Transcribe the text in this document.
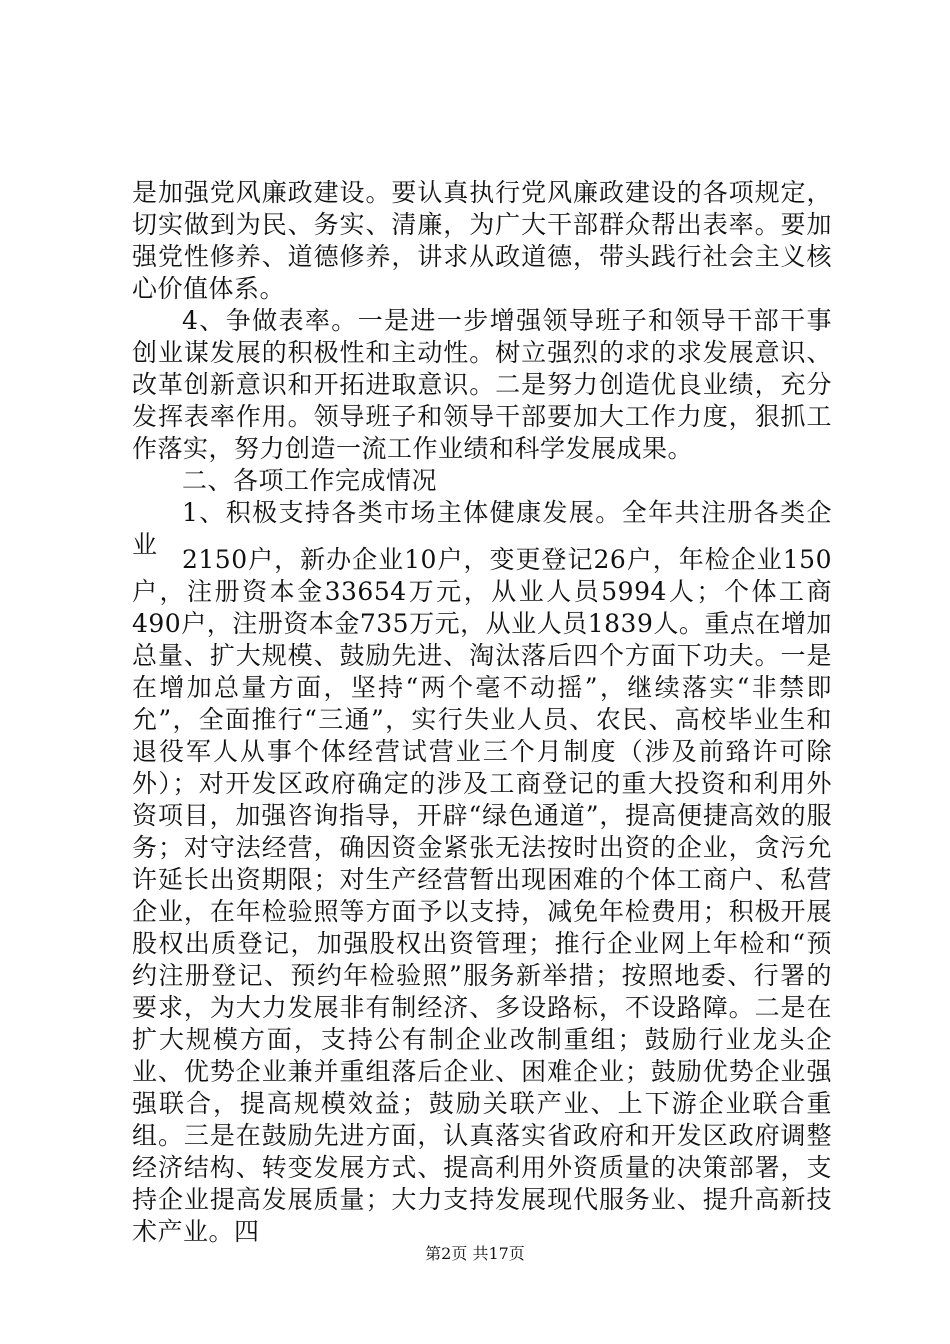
是加强党风廉政建设。要认真执行党风廉政建设的各项规定，切实做到为民、务实、清廉，为广大干部群众帮出表率。要加强党性修养、道德修养，讲求从政道德，带头践行社会主义核心价值体系。

4、争做表率。一是进一步增强领导班子和领导干部干事创业谋发展的积极性和主动性。树立强烈的求的求发展意识、改革创新意识和开拓进取意识。二是努力创造优良业绩，充分发挥表率作用。领导班子和领导干部要加大工作力度，狠抓工作落实，努力创造一流工作业绩和科学发展成果。

二、各项工作完成情况

1、积极支持各类市场主体健康发展。全年共注册各类企业

2150户，新办企业10户，变更登记26户，年检企业150户，注册资本金33654万元，从业人员5994人；个体工商490户，注册资本金735万元，从业人员1839人。重点在增加总量、扩大规模、鼓励先进、淘汰落后四个方面下功夫。一是在增加总量方面，坚持“两个毫不动摇”，继续落实“非禁即允”，全面推行“三通”，实行失业人员、农民、高校毕业生和退役军人从事个体经营试营业三个月制度（涉及前臵许可除外）；对开发区政府确定的涉及工商登记的重大投资和利用外资项目，加强咨询指导，开辟“绿色通道”，提高便捷高效的服务；对守法经营，确因资金紧张无法按时出资的企业，贪污允许延长出资期限；对生产经营暂出现困难的个体工商户、私营企业，在年检验照等方面予以支持，减免年检费用；积极开展股权出质登记，加强股权出资管理；推行企业网上年检和“预约注册登记、预约年检验照”服务新举措；按照地委、行署的要求，为大力发展非有制经济、多设路标，不设路障。二是在扩大规模方面，支持公有制企业改制重组；鼓励行业龙头企业、优势企业兼并重组落后企业、困难企业；鼓励优势企业强强联合，提高规模效益；鼓励关联产业、上下游企业联合重组。三是在鼓励先进方面，认真落实省政府和开发区政府调整经济结构、转变发展方式、提高利用外资质量的决策部署，支持企业提高发展质量；大力支持发展现代服务业、提升高新技术产业。四

第2页 共17页
